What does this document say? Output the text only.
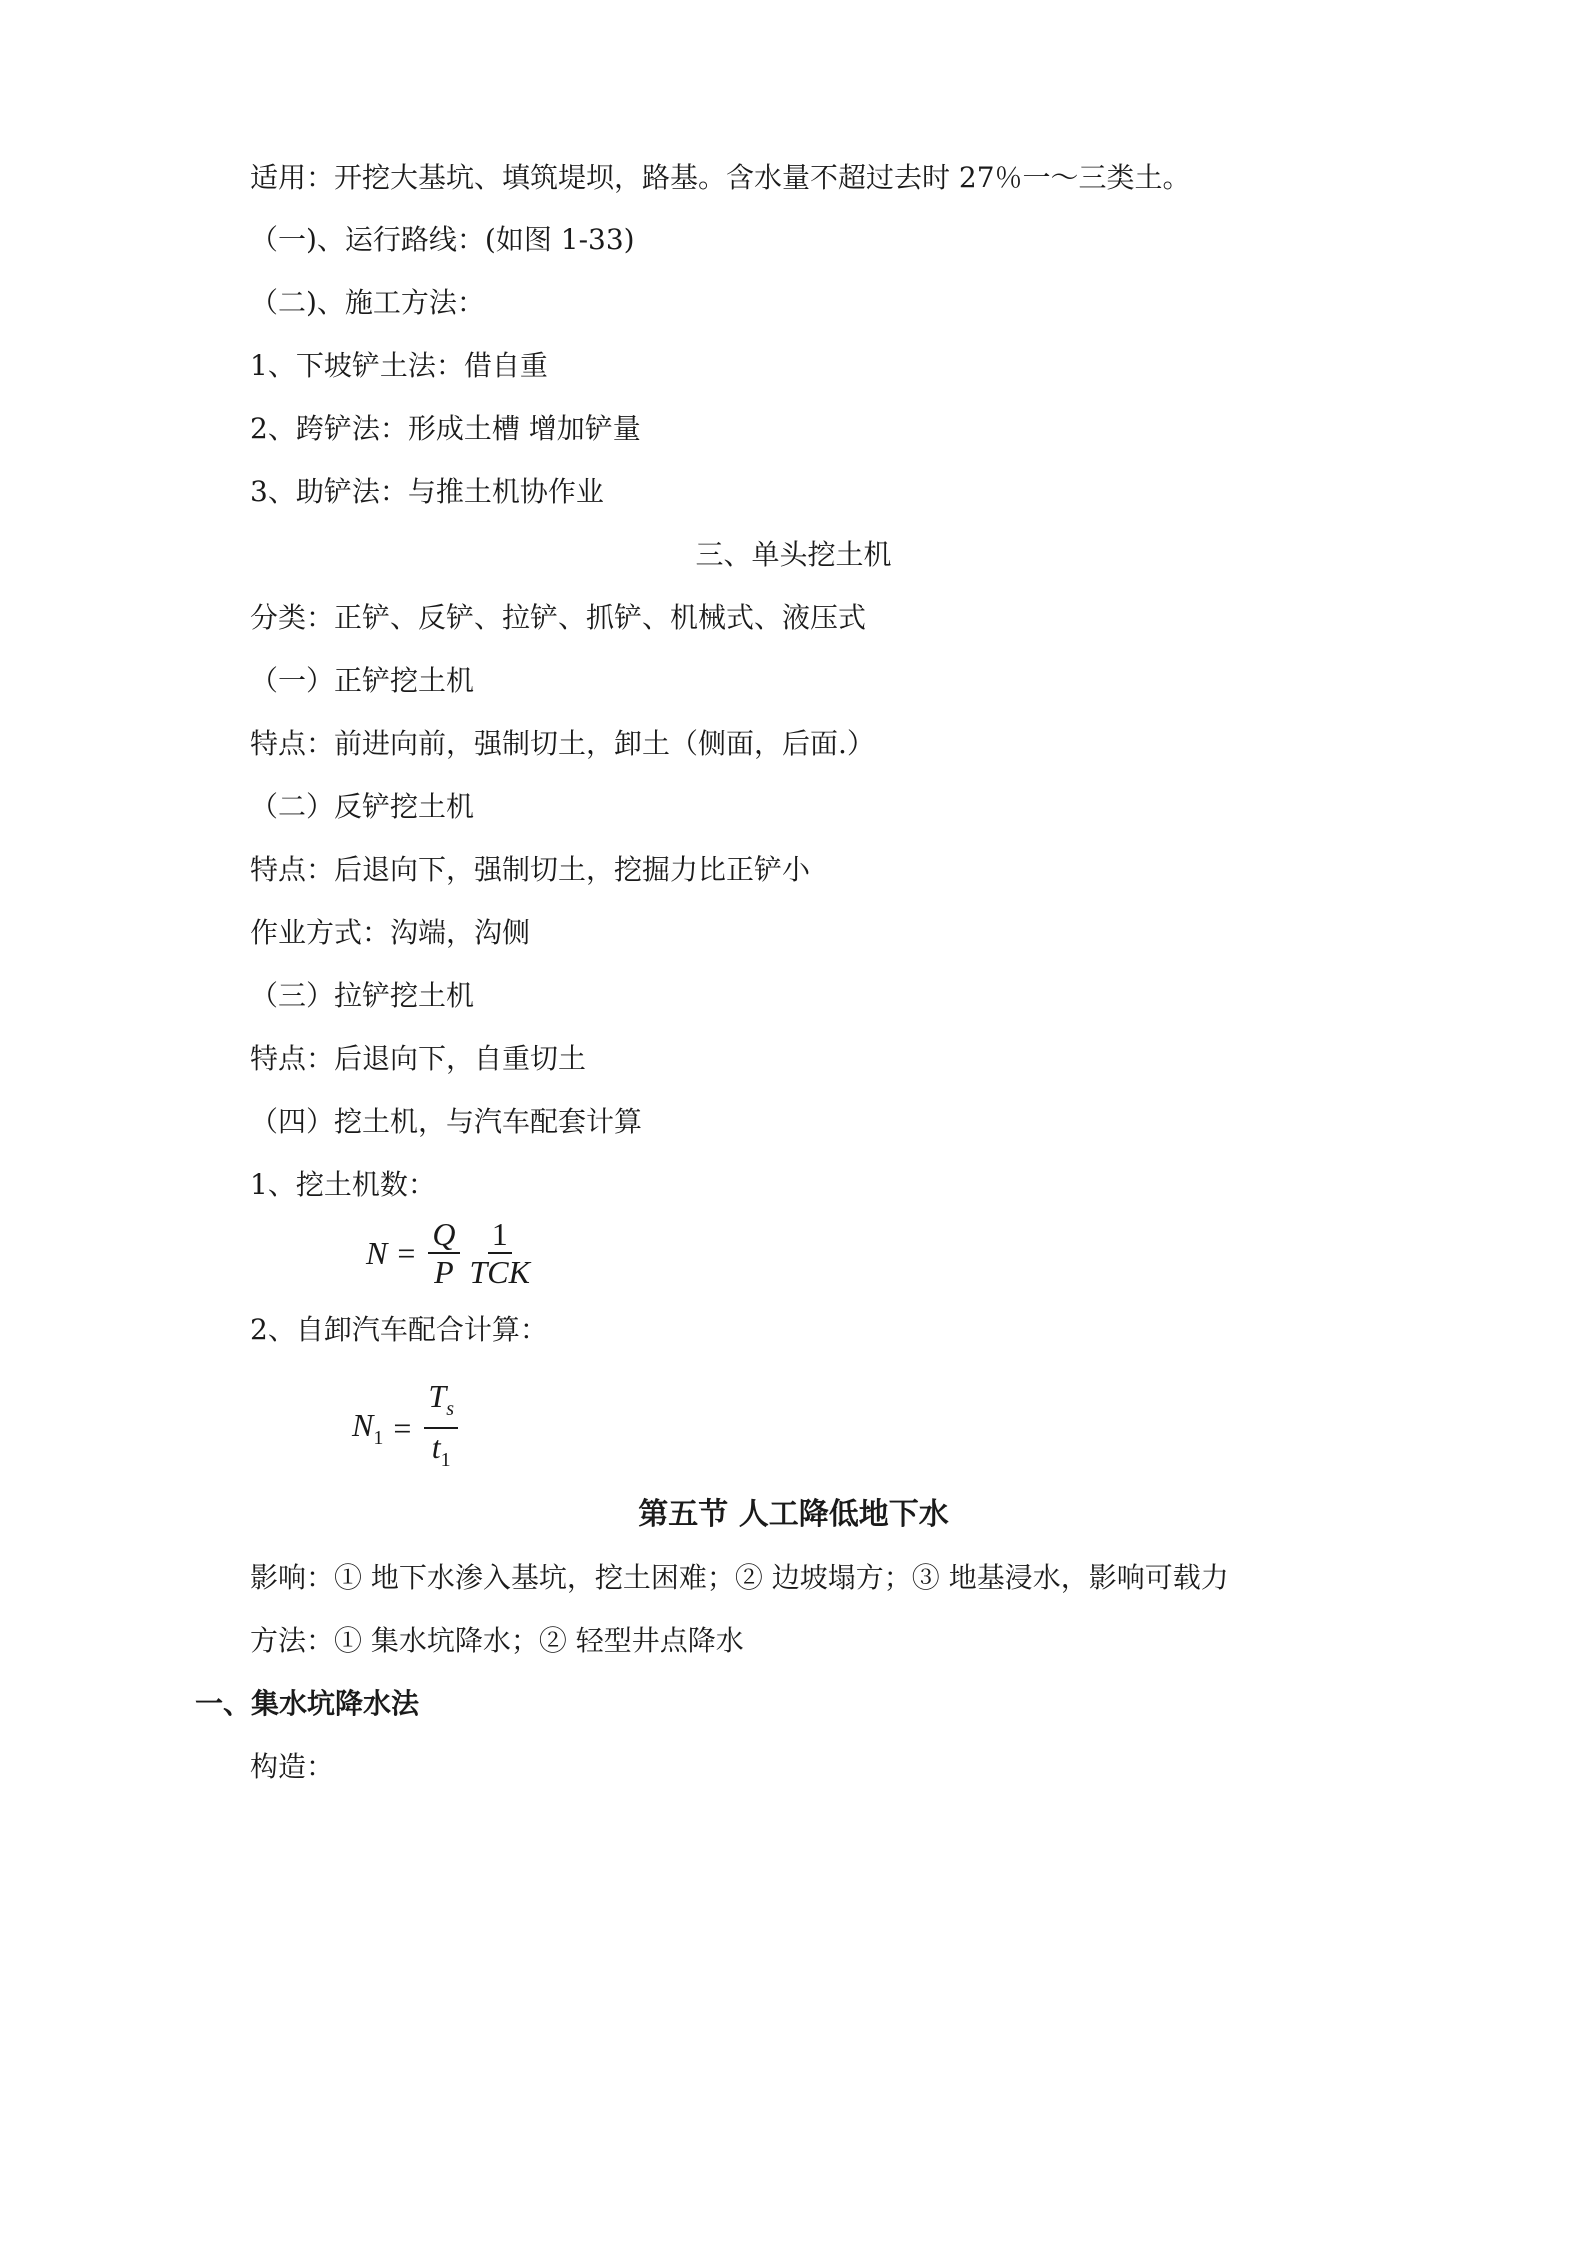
适用：开挖大基坑、填筑堤坝，路基。含水量不超过去时 27％一～三类土。

（一)、运行路线：(如图 1-33)

（二)、施工方法：

1、下坡铲土法：借自重

2、跨铲法：形成土槽 增加铲量

3、助铲法：与推土机协作业

三、单头挖土机

分类：正铲、反铲、拉铲、抓铲、机械式、液压式

（一）正铲挖土机

特点：前进向前，强制切土，卸土（侧面，后面.）

（二）反铲挖土机

特点：后退向下，强制切土，挖掘力比正铲小

作业方式：沟端，沟侧

（三）拉铲挖土机

特点：后退向下，自重切土

（四）挖土机，与汽车配套计算

1、挖土机数：

$N = \frac{Q}{P} \frac{1}{\text{TCK}}$

2、自卸汽车配合计算：

$N_1 = \frac{T_s}{t_1}$
第五节 人工降低地下水

影响：① 地下水渗入基坑，挖土困难；② 边坡塌方；③ 地基浸水，影响可载力

方法：① 集水坑降水；② 轻型井点降水

一、集水坑降水法

构造：
